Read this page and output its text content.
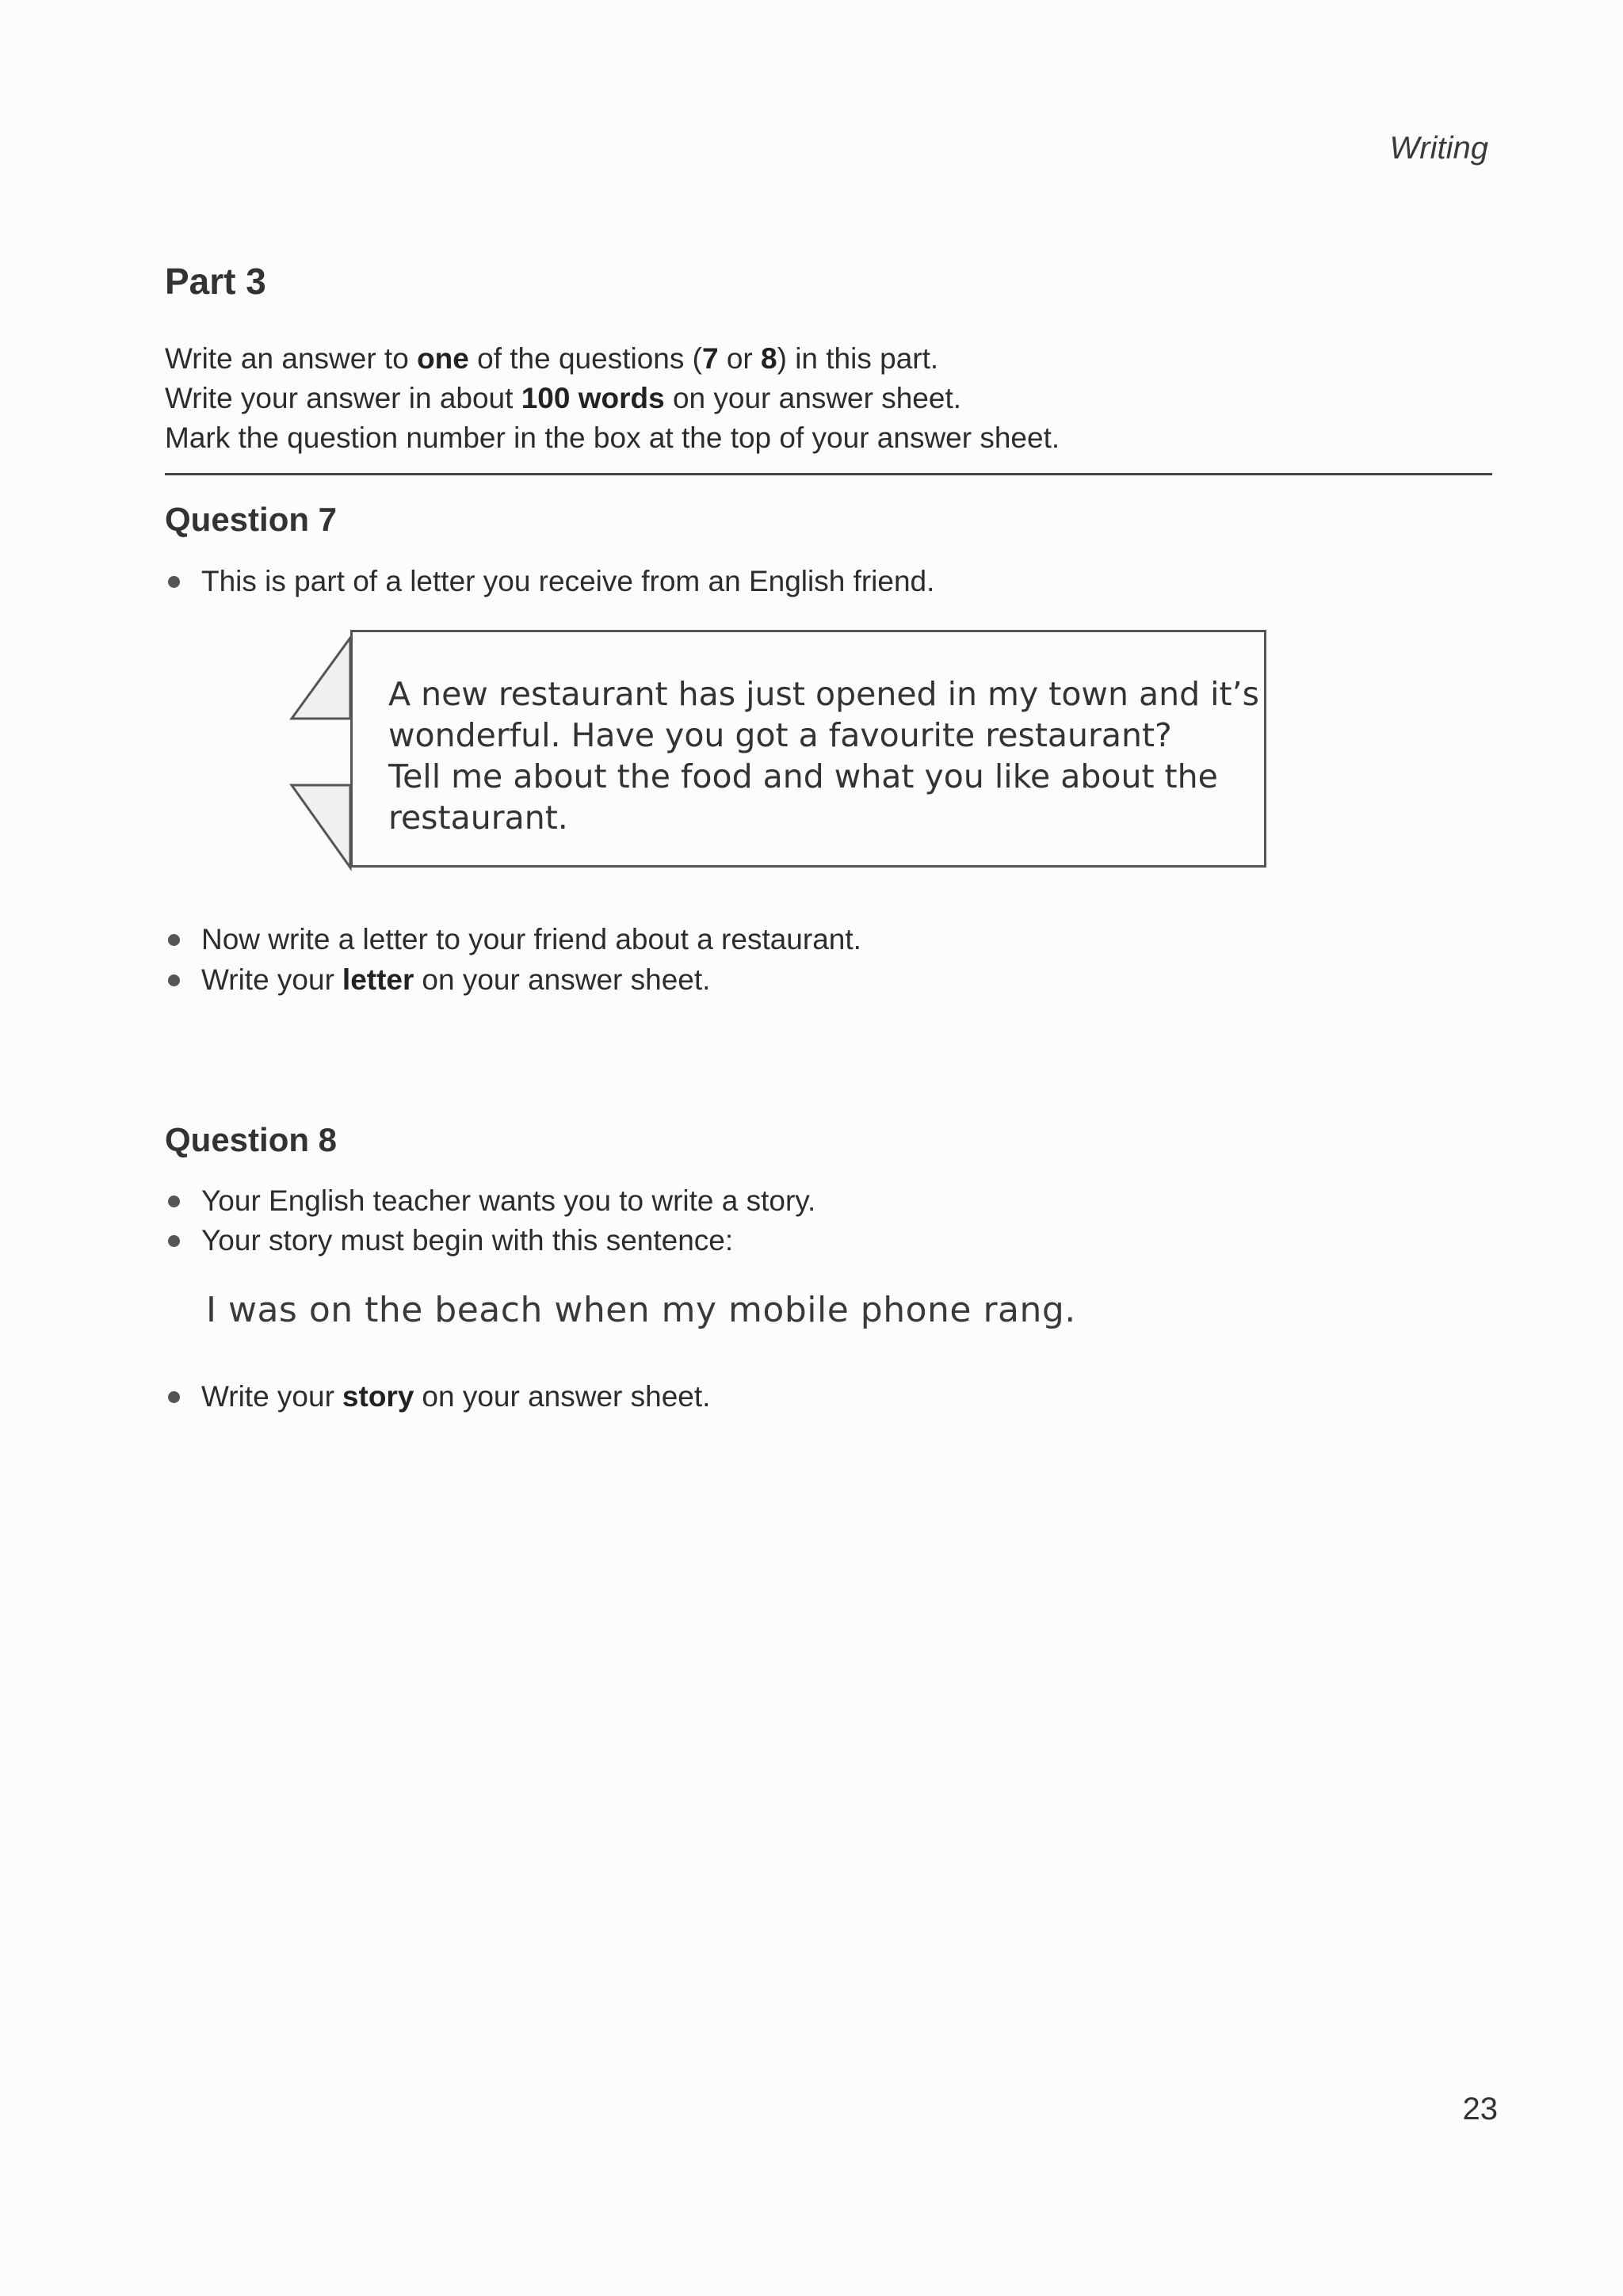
Writing
Part 3
Write an answer to one of the questions (7 or 8) in this part.
Write your answer in about 100 words on your answer sheet.
Mark the question number in the box at the top of your answer sheet.
Question 7
This is part of a letter you receive from an English friend.
A new restaurant has just opened in my town and it’s
wonderful. Have you got a favourite restaurant?
Tell me about the food and what you like about the
restaurant.
Now write a letter to your friend about a restaurant.
Write your letter on your answer sheet.
Question 8
Your English teacher wants you to write a story.
Your story must begin with this sentence:
I was on the beach when my mobile phone rang.
Write your story on your answer sheet.
23
